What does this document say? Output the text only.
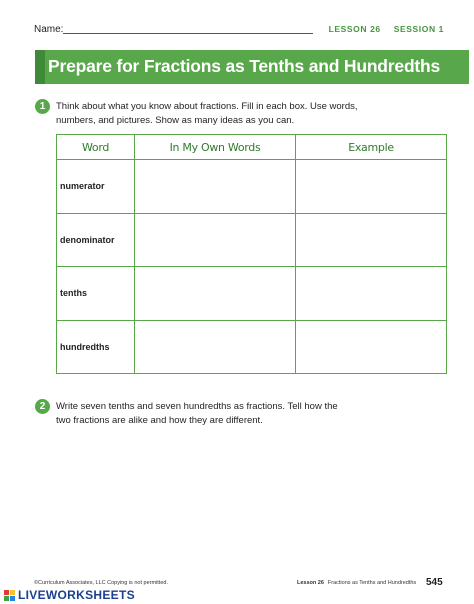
Name:	LESSON 26 SESSION 1
Prepare for Fractions as Tenths and Hundredths
1	Think about what you know about fractions. Fill in each box. Use words,
numbers, and pictures. Show as many ideas as you can.
Word	In My Own Words	Example
numerator		
denominator		
tenths		
hundredths		
2	Write seven tenths and seven hundredths as fractions. Tell how the
two fractions are alike and how they are different.
©Curriculum Associates, LLC Copying is not permitted.	Lesson 26 Fractions as Tenths and Hundredths 545
LIVEWORKSHEETS
